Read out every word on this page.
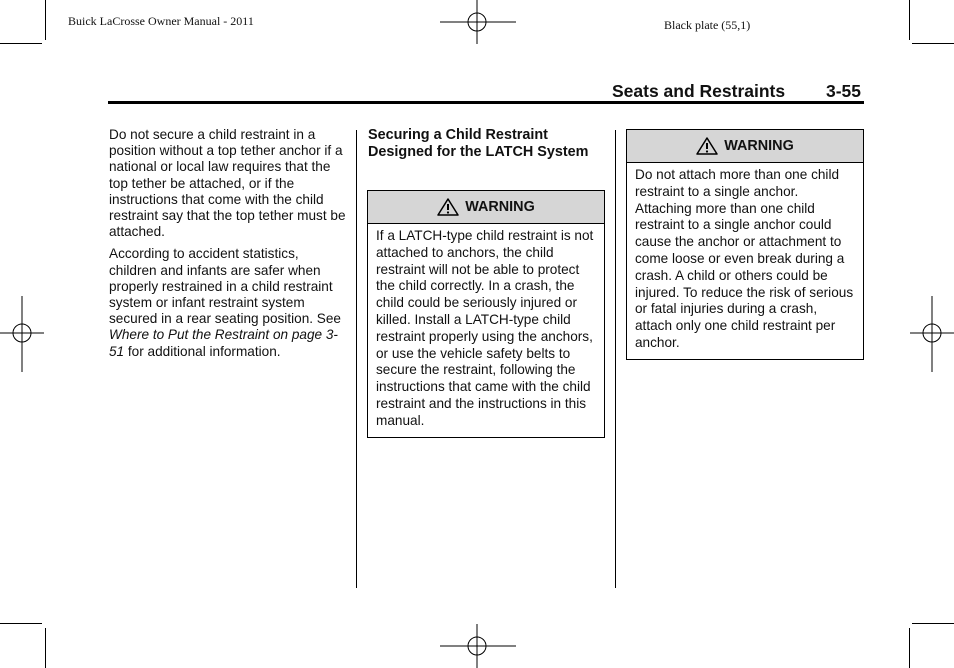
Buick LaCrosse Owner Manual - 2011	Black plate (55,1)
Seats and Restraints 3-55

Do not secure a child restraint in a position without a top tether anchor if a national or local law requires that the top tether be attached, or if the instructions that come with the child restraint say that the top tether must be attached.

According to accident statistics, children and infants are safer when properly restrained in a child restraint system or infant restraint system secured in a rear seating position. See Where to Put the Restraint on page 3-51 for additional information.

Securing a Child Restraint Designed for the LATCH System
WARNING
If a LATCH-type child restraint is not attached to anchors, the child restraint will not be able to protect the child correctly. In a crash, the child could be seriously injured or killed. Install a LATCH-type child restraint properly using the anchors, or use the vehicle safety belts to secure the restraint, following the instructions that came with the child restraint and the instructions in this manual.
WARNING
Do not attach more than one child restraint to a single anchor. Attaching more than one child restraint to a single anchor could cause the anchor or attachment to come loose or even break during a crash. A child or others could be injured. To reduce the risk of serious or fatal injuries during a crash, attach only one child restraint per anchor.
